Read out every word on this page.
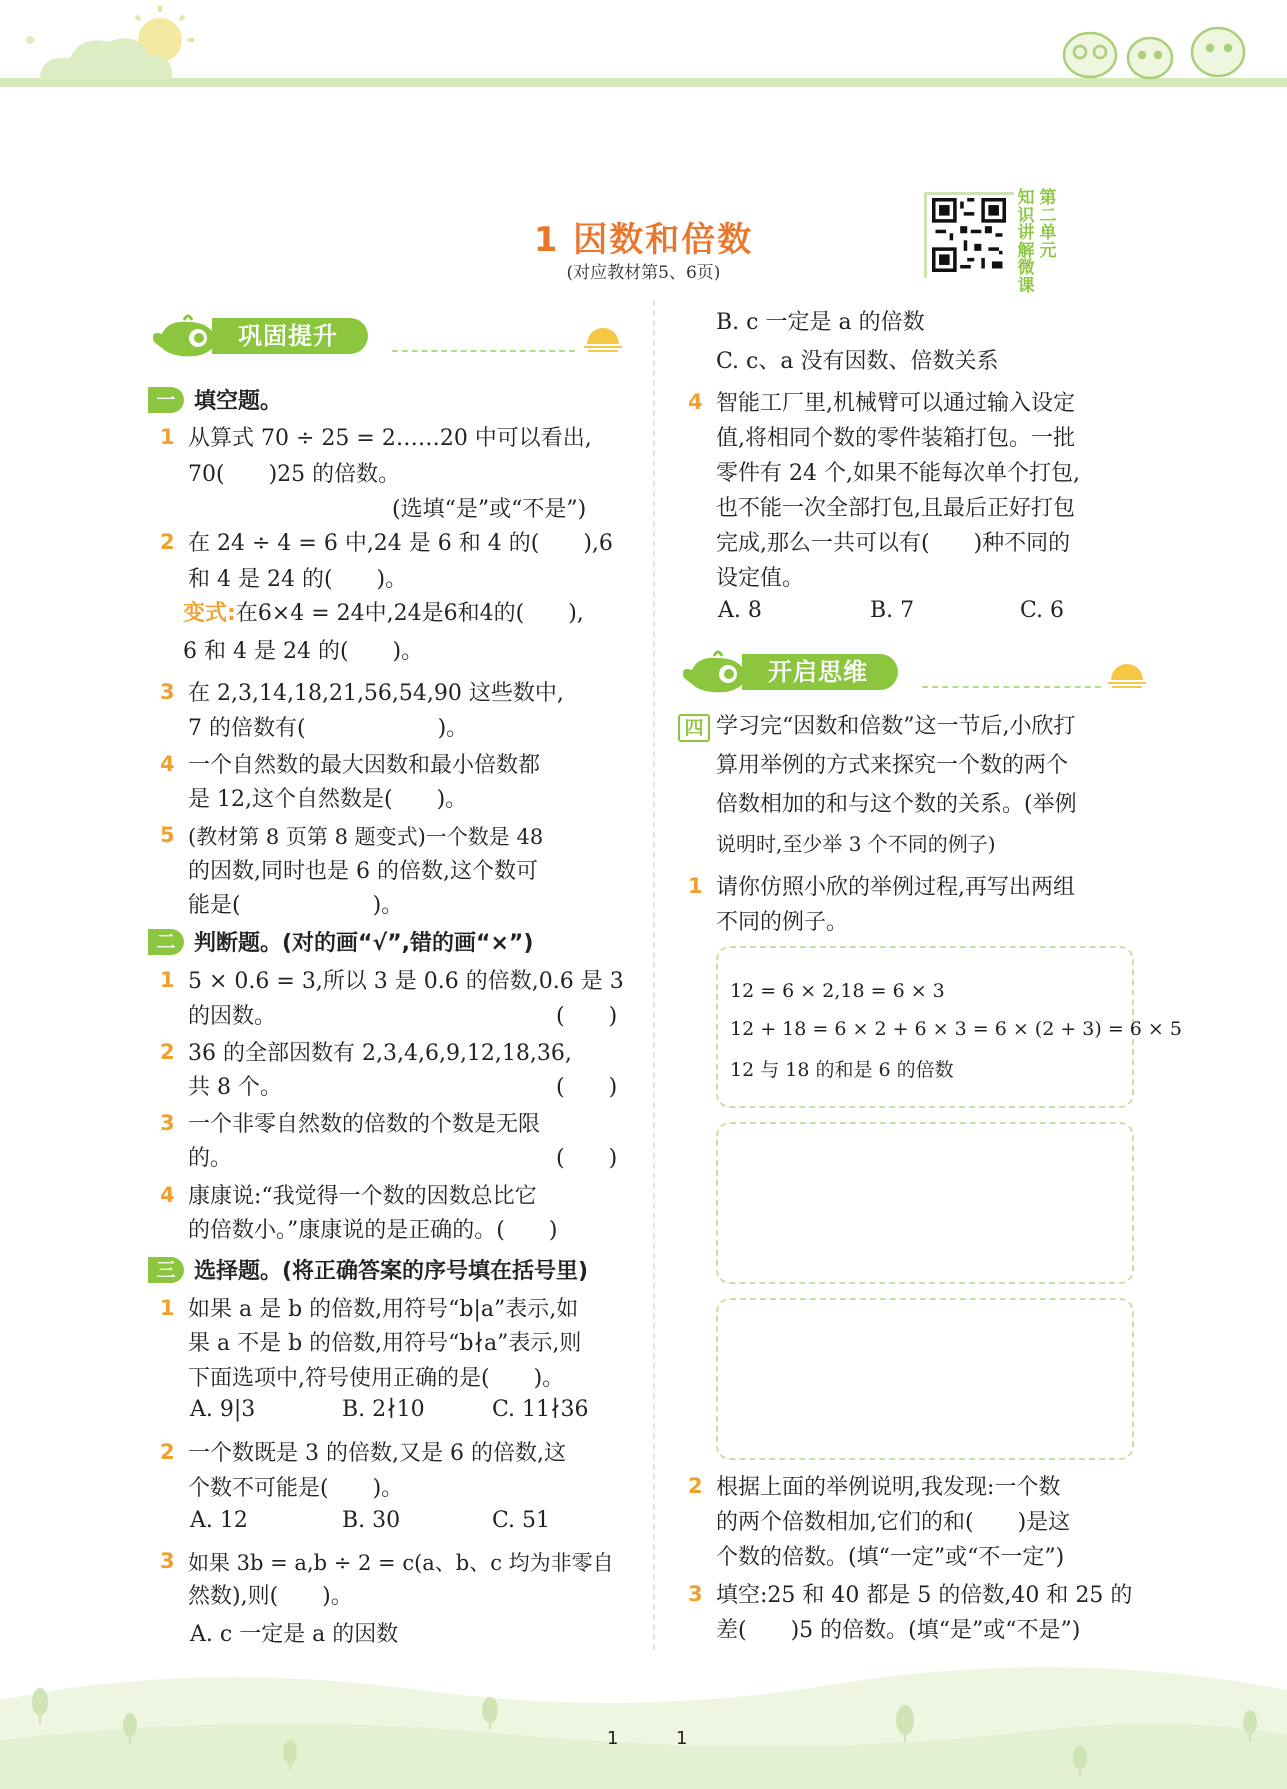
1 因数和倍数
(对应教材第5、6页)
知识讲解微课
第二单元
巩固提升
一 填空题。
1 从算式 70 ÷ 25 = 2……20 中可以看出,
70(　　)25 的倍数。
(选填“是”或“不是”)
2 在 24 ÷ 4 = 6 中,24 是 6 和 4 的(　　),6
和 4 是 24 的(　　)。
变式:在6×4 = 24中,24是6和4的(　　),
6 和 4 是 24 的(　　)。
3 在 2,3,14,18,21,56,54,90 这些数中,
7 的倍数有(　　　　　　)。
4 一个自然数的最大因数和最小倍数都
是 12,这个自然数是(　　)。
5 (教材第 8 页第 8 题变式)一个数是 48
的因数,同时也是 6 的倍数,这个数可
能是(　　　　　　)。
二 判断题。(对的画“√”,错的画“×”)
1 5 × 0.6 = 3,所以 3 是 0.6 的倍数,0.6 是 3
的因数。	(　　)
2 36 的全部因数有 2,3,4,6,9,12,18,36,
共 8 个。	(　　)
3 一个非零自然数的倍数的个数是无限
的。	(　　)
4 康康说:“我觉得一个数的因数总比它
的倍数小。”康康说的是正确的。(　　)
三 选择题。(将正确答案的序号填在括号里)
1 如果 a 是 b 的倍数,用符号“b|a”表示,如
果 a 不是 b 的倍数,用符号“b∤a”表示,则
下面选项中,符号使用正确的是(　　)。
A. 9|3	B. 2∤10	C. 11∤36
2 一个数既是 3 的倍数,又是 6 的倍数,这
个数不可能是(　　)。
A. 12	B. 30	C. 51
3 如果 3b = a,b ÷ 2 = c(a、b、c 均为非零自
然数),则(　　)。
A. c 一定是 a 的因数
B. c 一定是 a 的倍数
C. c、a 没有因数、倍数关系
4 智能工厂里,机械臂可以通过输入设定
值,将相同个数的零件装箱打包。一批
零件有 24 个,如果不能每次单个打包,
也不能一次全部打包,且最后正好打包
完成,那么一共可以有(　　)种不同的
设定值。
A. 8	B. 7	C. 6
开启思维
四 学习完“因数和倍数”这一节后,小欣打
算用举例的方式来探究一个数的两个
倍数相加的和与这个数的关系。(举例
说明时,至少举 3 个不同的例子)
1 请你仿照小欣的举例过程,再写出两组
不同的例子。
12 = 6 × 2,18 = 6 × 3
12 + 18 = 6 × 2 + 6 × 3 = 6 × (2 + 3) = 6 × 5
12 与 18 的和是 6 的倍数
2 根据上面的举例说明,我发现:一个数
的两个倍数相加,它们的和(　　)是这
个数的倍数。(填“一定”或“不一定”)
3 填空:25 和 40 都是 5 的倍数,40 和 25 的
差(　　)5 的倍数。(填“是”或“不是”)
1	1
